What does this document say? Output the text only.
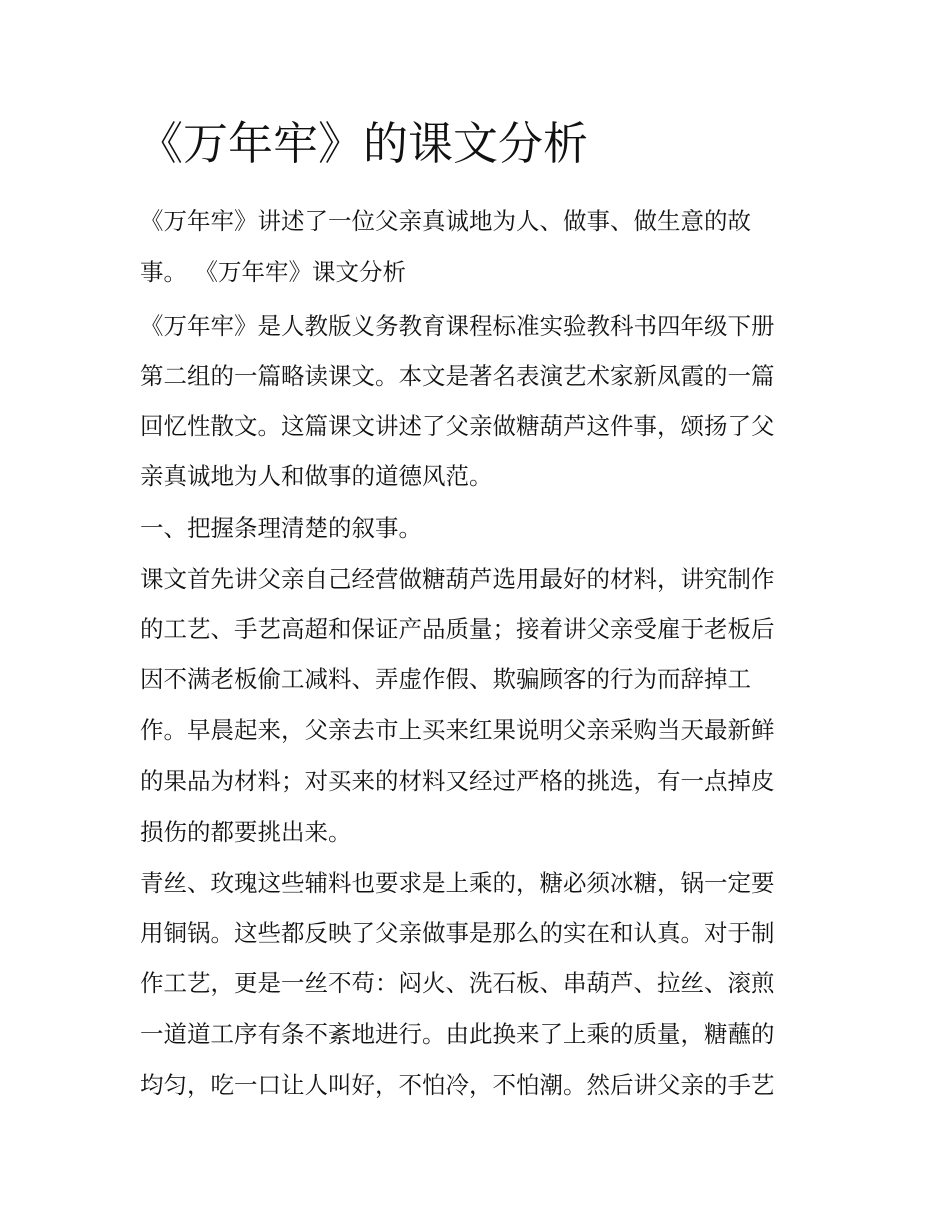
《万年牢》的课文分析

《万年牢》讲述了一位父亲真诚地为人、做事、做生意的故

事。 《万年牢》课文分析

《万年牢》是人教版义务教育课程标准实验教科书四年级下册

第二组的一篇略读课文。本文是著名表演艺术家新凤霞的一篇

回忆性散文。这篇课文讲述了父亲做糖葫芦这件事，颂扬了父

亲真诚地为人和做事的道德风范。

一、把握条理清楚的叙事。

课文首先讲父亲自己经营做糖葫芦选用最好的材料，讲究制作

的工艺、手艺高超和保证产品质量；接着讲父亲受雇于老板后

因不满老板偷工减料、弄虚作假、欺骗顾客的行为而辞掉工

作。早晨起来，父亲去市上买来红果说明父亲采购当天最新鲜

的果品为材料；对买来的材料又经过严格的挑选，有一点掉皮

损伤的都要挑出来。

青丝、玫瑰这些辅料也要求是上乘的，糖必须冰糖，锅一定要

用铜锅。这些都反映了父亲做事是那么的实在和认真。对于制

作工艺，更是一丝不苟：闷火、洗石板、串葫芦、拉丝、滚煎

一道道工序有条不紊地进行。由此换来了上乘的质量，糖蘸的

均匀，吃一口让人叫好，不怕冷，不怕潮。然后讲父亲的手艺
